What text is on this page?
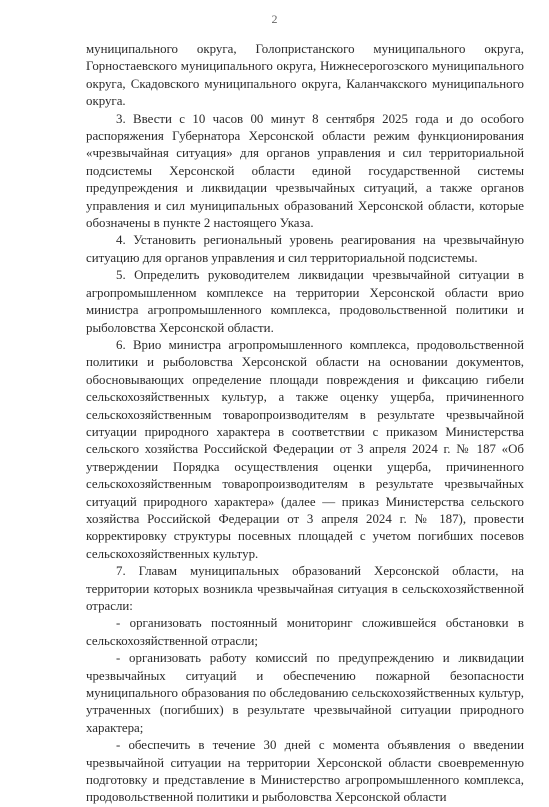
2

муниципального округа, Голопристанского муниципального округа, Горностаевского муниципального округа, Нижнесерогозского муниципального округа, Скадовского муниципального округа, Каланчакского муниципального округа.

3. Ввести с 10 часов 00 минут 8 сентября 2025 года и до особого распоряжения Губернатора Херсонской области режим функционирования «чрезвычайная ситуация» для органов управления и сил территориальной подсистемы Херсонской области единой государственной системы предупреждения и ликвидации чрезвычайных ситуаций, а также органов управления и сил муниципальных образований Херсонской области, которые обозначены в пункте 2 настоящего Указа.

4. Установить региональный уровень реагирования на чрезвычайную ситуацию для органов управления и сил территориальной подсистемы.

5. Определить руководителем ликвидации чрезвычайной ситуации в агропромышленном комплексе на территории Херсонской области врио министра агропромышленного комплекса, продовольственной политики и рыболовства Херсонской области.

6. Врио министра агропромышленного комплекса, продовольственной политики и рыболовства Херсонской области на основании документов, обосновывающих определение площади повреждения и фиксацию гибели сельскохозяйственных культур, а также оценку ущерба, причиненного сельскохозяйственным товаропроизводителям в результате чрезвычайной ситуации природного характера в соответствии с приказом Министерства сельского хозяйства Российской Федерации от 3 апреля 2024 г. № 187 «Об утверждении Порядка осуществления оценки ущерба, причиненного сельскохозяйственным товаропроизводителям в результате чрезвычайных ситуаций природного характера» (далее — приказ Министерства сельского хозяйства Российской Федерации от 3 апреля 2024 г. № 187), провести корректировку структуры посевных площадей с учетом погибших посевов сельскохозяйственных культур.

7. Главам муниципальных образований Херсонской области, на территории которых возникла чрезвычайная ситуация в сельскохозяйственной отрасли:

- организовать постоянный мониторинг сложившейся обстановки в сельскохозяйственной отрасли;

- организовать работу комиссий по предупреждению и ликвидации чрезвычайных ситуаций и обеспечению пожарной безопасности муниципального образования по обследованию сельскохозяйственных культур, утраченных (погибших) в результате чрезвычайной ситуации природного характера;

- обеспечить в течение 30 дней с момента объявления о введении чрезвычайной ситуации на территории Херсонской области своевременную подготовку и представление в Министерство агропромышленного комплекса, продовольственной политики и рыболовства Херсонской области
